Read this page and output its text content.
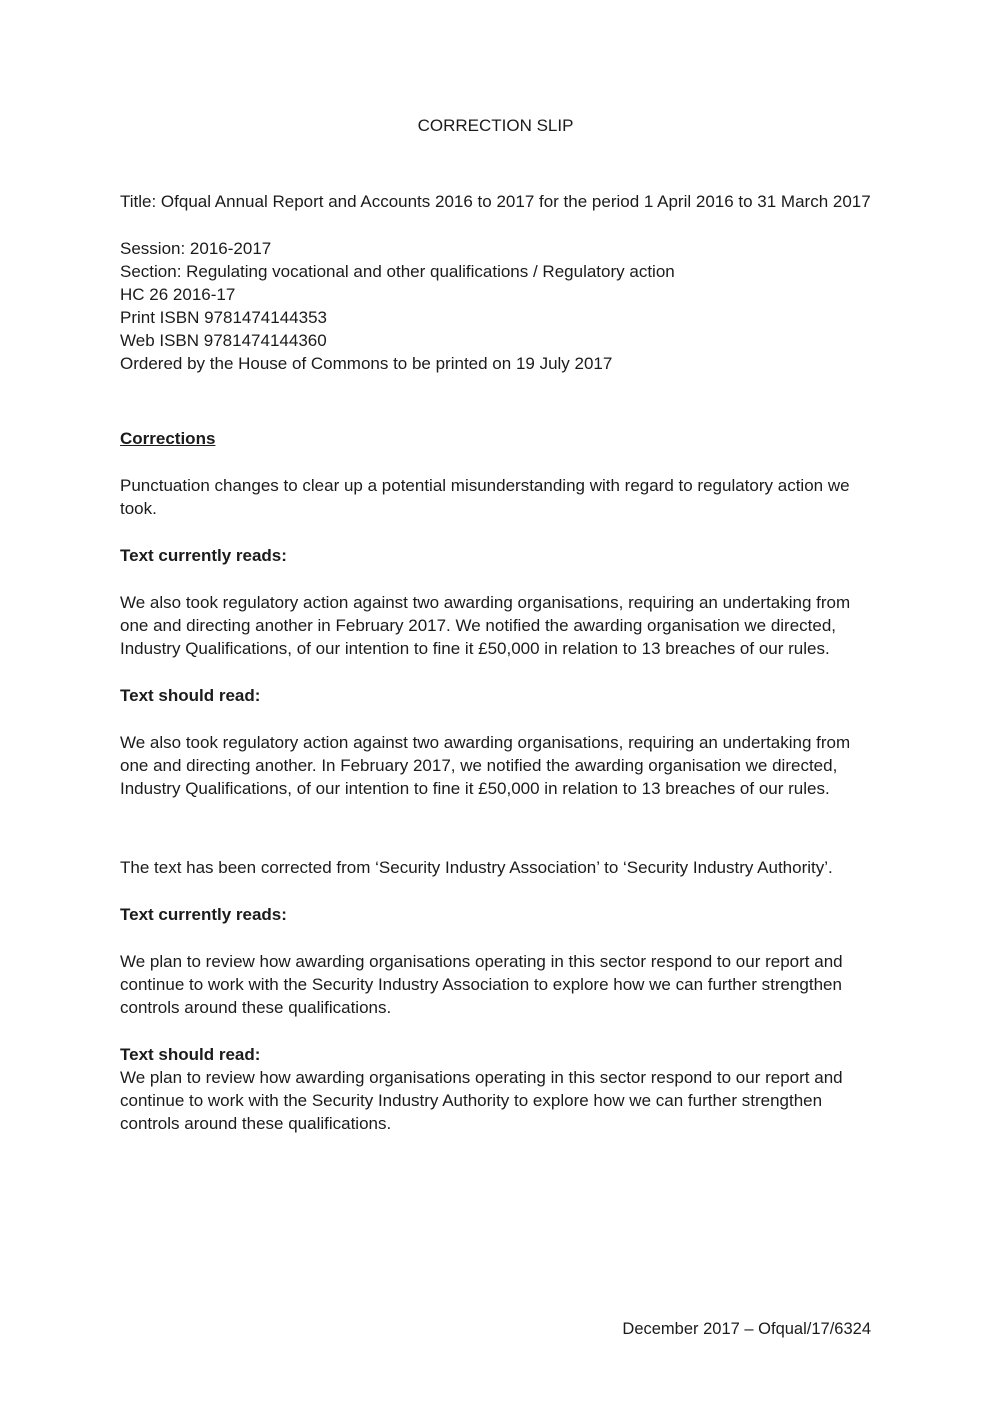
CORRECTION SLIP

Title: Ofqual Annual Report and Accounts 2016 to 2017 for the period 1 April 2016 to 31 March 2017

Session: 2016-2017
Section: Regulating vocational and other qualifications / Regulatory action
HC 26 2016-17
Print ISBN 9781474144353
Web ISBN 9781474144360
Ordered by the House of Commons to be printed on 19 July 2017
Corrections

Punctuation changes to clear up a potential misunderstanding with regard to regulatory action we took.

Text currently reads:

We also took regulatory action against two awarding organisations, requiring an undertaking from one and directing another in February 2017. We notified the awarding organisation we directed, Industry Qualifications, of our intention to fine it £50,000 in relation to 13 breaches of our rules.

Text should read:

We also took regulatory action against two awarding organisations, requiring an undertaking from one and directing another. In February 2017, we notified the awarding organisation we directed, Industry Qualifications, of our intention to fine it £50,000 in relation to 13 breaches of our rules.

The text has been corrected from ‘Security Industry Association’ to ‘Security Industry Authority’.

Text currently reads:

We plan to review how awarding organisations operating in this sector respond to our report and continue to work with the Security Industry Association to explore how we can further strengthen controls around these qualifications.

Text should read:

We plan to review how awarding organisations operating in this sector respond to our report and continue to work with the Security Industry Authority to explore how we can further strengthen controls around these qualifications.

December 2017 – Ofqual/17/6324
